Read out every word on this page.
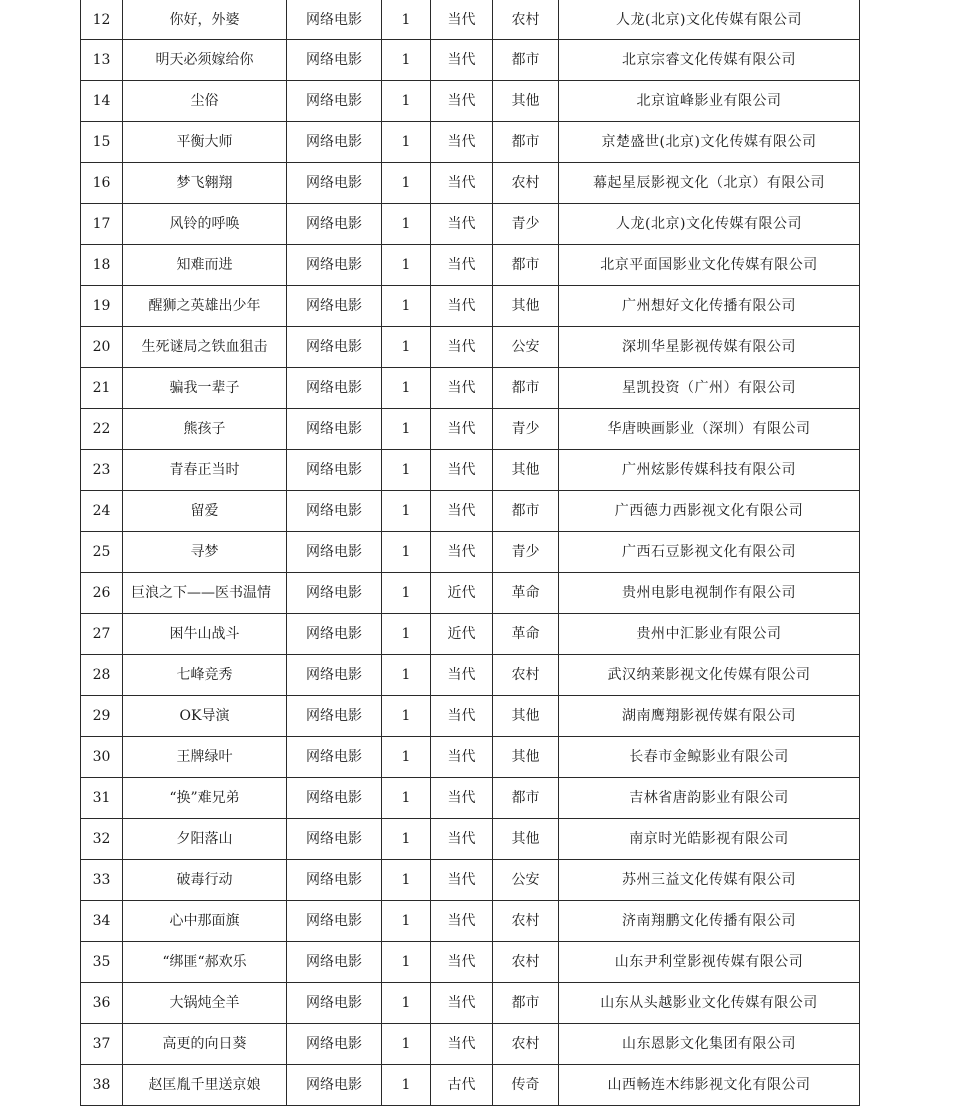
12	你好，外婆	网络电影	1	当代	农村	人龙(北京)文化传媒有限公司
13	明天必须嫁给你	网络电影	1	当代	都市	北京宗睿文化传媒有限公司
14	尘俗	网络电影	1	当代	其他	北京谊峰影业有限公司
15	平衡大师	网络电影	1	当代	都市	京楚盛世(北京)文化传媒有限公司
16	梦飞翱翔	网络电影	1	当代	农村	幕起星辰影视文化（北京）有限公司
17	风铃的呼唤	网络电影	1	当代	青少	人龙(北京)文化传媒有限公司
18	知难而进	网络电影	1	当代	都市	北京平面国影业文化传媒有限公司
19	醒狮之英雄出少年	网络电影	1	当代	其他	广州想好文化传播有限公司
20	生死谜局之铁血狙击	网络电影	1	当代	公安	深圳华星影视传媒有限公司
21	骗我一辈子	网络电影	1	当代	都市	星凯投资（广州）有限公司
22	熊孩子	网络电影	1	当代	青少	华唐映画影业（深圳）有限公司
23	青春正当时	网络电影	1	当代	其他	广州炫影传媒科技有限公司
24	留爱	网络电影	1	当代	都市	广西德力西影视文化有限公司
25	寻梦	网络电影	1	当代	青少	广西石豆影视文化有限公司
26	巨浪之下——医书温情	网络电影	1	近代	革命	贵州电影电视制作有限公司
27	困牛山战斗	网络电影	1	近代	革命	贵州中汇影业有限公司
28	七峰竞秀	网络电影	1	当代	农村	武汉纳莱影视文化传媒有限公司
29	OK导演	网络电影	1	当代	其他	湖南鹰翔影视传媒有限公司
30	王牌绿叶	网络电影	1	当代	其他	长春市金鲸影业有限公司
31	“换”难兄弟	网络电影	1	当代	都市	吉林省唐韵影业有限公司
32	夕阳落山	网络电影	1	当代	其他	南京时光皓影视有限公司
33	破毒行动	网络电影	1	当代	公安	苏州三益文化传媒有限公司
34	心中那面旗	网络电影	1	当代	农村	济南翔鹏文化传播有限公司
35	“绑匪“郝欢乐	网络电影	1	当代	农村	山东尹利堂影视传媒有限公司
36	大锅炖全羊	网络电影	1	当代	都市	山东从头越影业文化传媒有限公司
37	高更的向日葵	网络电影	1	当代	农村	山东恩影文化集团有限公司
38	赵匡胤千里送京娘	网络电影	1	古代	传奇	山西畅连木纬影视文化有限公司
